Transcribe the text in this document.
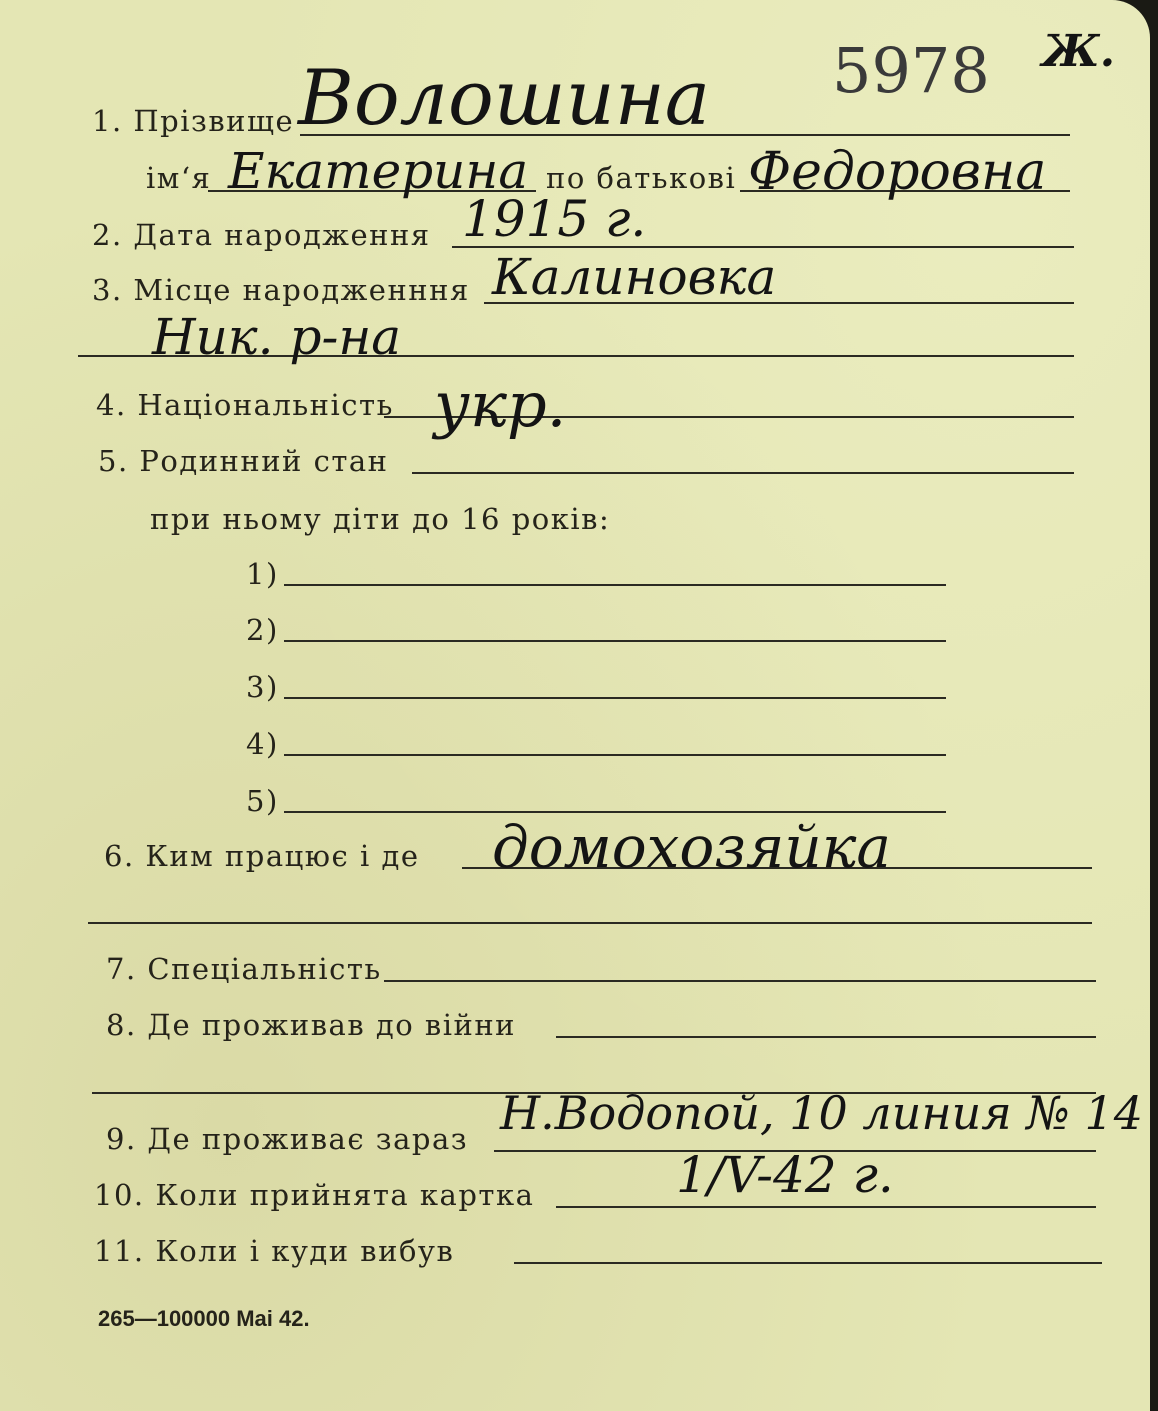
5978 Ж.
1. Прізвище Волошина
ім‘я Екатерина по батькові Федоровна
2. Дата народження 1915 г.
3. Місце народженння Калиновка
Ник. р-на
4. Національність укр.
5. Родинний стан
при ньому діти до 16 років:
1)
2)
3)
4)
5)
6. Ким працює і де домохозяйка
7. Спеціальність
8. Де проживав до війни
9. Де проживає зараз Н.Водопой, 10 линия № 14
10. Коли прийнята картка	1/V-42 г.
11. Коли і куди вибув
265—100000 Mai 42.
